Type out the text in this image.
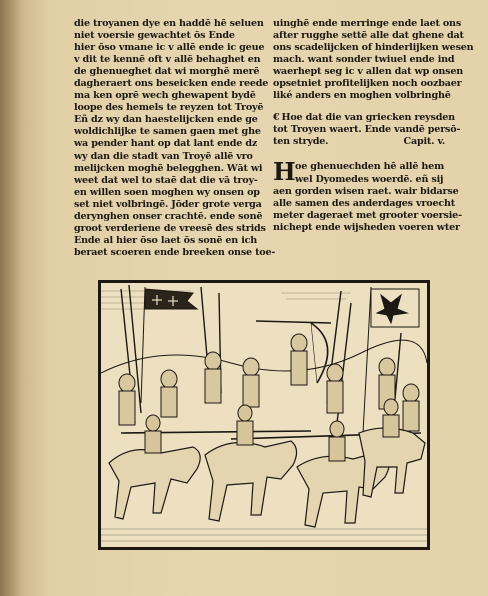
die troyanen dye en haddē hē seluen
niet voersie gewachtet ōs Ende
hier ōso vmane ic v allē ende ic geue
v dit te kennē oft v allē behaghet en
de ghenueghet dat wi morghē merē
dagheraert ons beseicken ende reede
ma ken oprē wech ghewapent bydē
loope des hemels te reyzen tot Troyē
Eñ dz wy dan haestelijcken ende ge
woldichlijke te samen gaen met ghe
wa pender hant op dat lant ende dz
wy dan die stadt van Troyē allē vro
melijcken moghē belegghen. Wāt wi
weet dat wel to staē dat die vā troy-
en willen soen moghen wy onsen op
set niet volbringē. Jōder grote verga
derynghen onser crachtē. ende sonē
groot verderiene de vreesē des strids
Ende al hier ōso laet ōs sonē en ich
beraet scoeren ende breeken onse toe-
uinghē ende merringe ende laet ons
after rugghe settē alle dat ghene dat
ons scadelijcken of hinderlijken wesen
mach. want sonder twiuel ende ind
waerhept seg ic v allen dat wp onsen
opsetniet profitelijken noch oozbaer
liké anders en moghen volbringhē
€ Hoe dat die van griecken reysden
tot Troyen waert. Ende vandē persō-
ten stryde.	Capit. v.
H oe ghenuechden hē allē hem
wel Dyomedes woerdē. eñ sij
aen gorden wisen raet. wair bidarse
alle samen des anderdages vroecht
meter dageraet met grooter voersie-
nichept ende wijsheden voeren wter
